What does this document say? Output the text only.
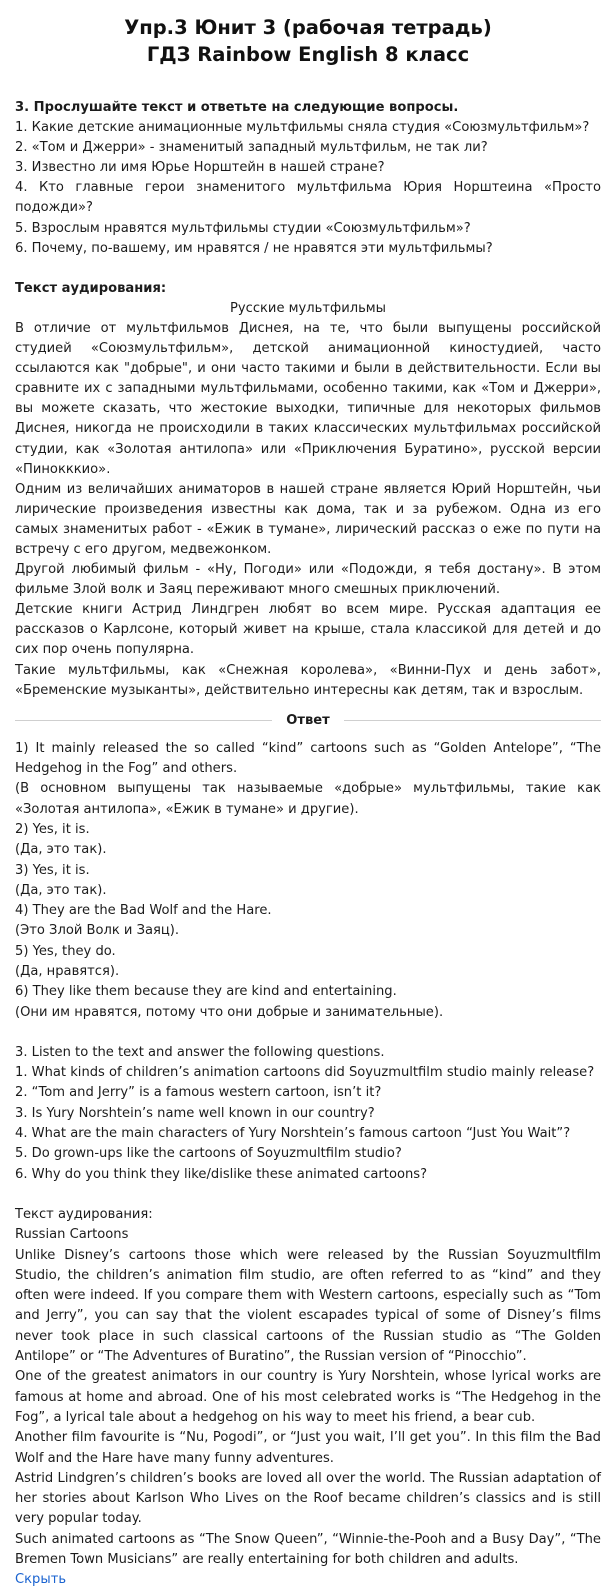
Упр.3 Юнит 3 (рабочая тетрадь)
ГДЗ Rainbow English 8 класс

3. Прослушайте текст и ответьте на следующие вопросы.

1. Какие детские анимационные мультфильмы сняла студия «Союзмультфильм»?

2. «Том и Джерри» - знаменитый западный мультфильм, не так ли?

3. Известно ли имя Юрье Норштейн в нашей стране?

4. Кто главные герои знаменитого мультфильма Юрия Норштеина «Просто подожди»?

5. Взрослым нравятся мультфильмы студии «Союзмультфильм»?

6. Почему, по-вашему, им нравятся / не нравятся эти мультфильмы?

Текст аудирования:

Русские мультфильмы

В отличие от мультфильмов Диснея, на те, что были выпущены российской студией «Союзмультфильм», детской анимационной киностудией, часто ссылаются как "добрые", и они часто такими и были в действительности. Если вы сравните их с западными мультфильмами, особенно такими, как «Том и Джерри», вы можете сказать, что жестокие выходки, типичные для некоторых фильмов Диснея, никогда не происходили в таких классических мультфильмах российской студии, как «Золотая антилопа» или «Приключения Буратино», русской версии «Пинокккио».

Одним из величайших аниматоров в нашей стране является Юрий Норштейн, чьи лирические произведения известны как дома, так и за рубежом. Одна из его самых знаменитых работ - «Ежик в тумане», лирический рассказ о еже по пути на встречу с его другом, медвежонком.

Другой любимый фильм - «Ну, Погоди» или «Подожди, я тебя достану». В этом фильме Злой волк и Заяц переживают много смешных приключений.

Детские книги Астрид Линдгрен любят во всем мире. Русская адаптация ее рассказов о Карлсоне, который живет на крыше, стала классикой для детей и до сих пор очень популярна.

Такие мультфильмы, как «Снежная королева», «Винни-Пух и день забот», «Бременские музыканты», действительно интересны как детям, так и взрослым.

Ответ

1) It mainly released the so called “kind” cartoons such as “Golden Antelope”, “The Hedgehog in the Fog” and others.

(В основном выпущены так называемые «добрые» мультфильмы, такие как «Золотая антилопа», «Ежик в тумане» и другие).

2) Yes, it is.

(Да, это так).

3) Yes, it is.

(Да, это так).

4) They are the Bad Wolf and the Hare.

(Это Злой Волк и Заяц).

5) Yes, they do.

(Да, нравятся).

6) They like them because they are kind and entertaining.

(Они им нравятся, потому что они добрые и занимательные).

3. Listen to the text and answer the following questions.

1. What kinds of children’s animation cartoons did Soyuzmultfilm studio mainly release?

2. “Tom and Jerry” is a famous western cartoon, isn’t it?

3. Is Yury Norshtein’s name well known in our country?

4. What are the main characters of Yury Norshtein’s famous cartoon “Just You Wait”?

5. Do grown-ups like the cartoons of Soyuzmultfilm studio?

6. Why do you think they like/dislike these animated cartoons?

Текст аудирования:

Russian Cartoons

Unlike Disney’s cartoons those which were released by the Russian Soyuzmultfilm Studio, the children’s animation film studio, are often referred to as “kind” and they often were indeed. If you compare them with Western cartoons, especially such as “Tom and Jerry”, you can say that the violent escapades typical of some of Disney’s films never took place in such classical cartoons of the Russian studio as “The Golden Antilope” or “The Adventures of Buratino”, the Russian version of “Pinocchio”.

One of the greatest animators in our country is Yury Norshtein, whose lyrical works are famous at home and abroad. One of his most celebrated works is “The Hedgehog in the Fog”, a lyrical tale about a hedgehog on his way to meet his friend, a bear cub.

Another film favourite is “Nu, Pogodi”, or “Just you wait, I’ll get you”. In this film the Bad Wolf and the Hare have many funny adventures.

Astrid Lindgren’s children’s books are loved all over the world. The Russian adaptation of her stories about Karlson Who Lives on the Roof became children’s classics and is still very popular today.

Such animated cartoons as “The Snow Queen”, “Winnie-the-Pooh and a Busy Day”, “The Bremen Town Musicians” are really entertaining for both children and adults.

Скрыть
